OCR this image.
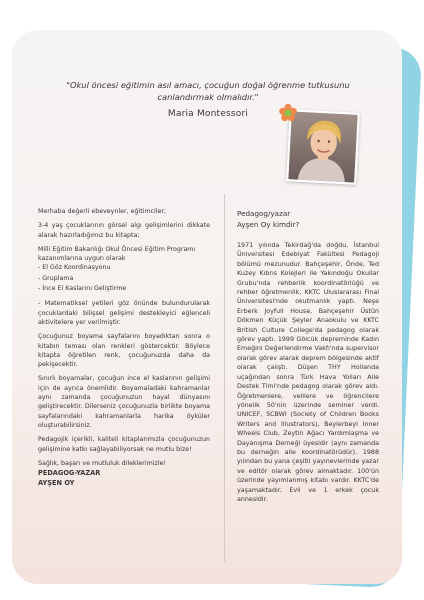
"Okul öncesi eğitimin asıl amacı, çocuğun doğal öğrenme tutkusunu canlandırmak olmalıdır."
Maria Montessori

Merhaba değerli ebeveynler, eğitimciler;

3-4 yaş çocuklarının görsel algı gelişimlerini dikkate alarak hazırladığımız bu kitapta;

Milli Eğitim Bakanlığı Okul Öncesi Eğitim Programı kazanımlarına uygun olarak

- El Göz Koordinasyonu
- Gruplama
- İnce El Kaslarını Geliştirme

- Matematiksel yetileri göz önünde bulundurularak çocuklardaki bilişsel gelişimi destekleyici eğlenceli aktivitelere yer verilmiştir.

Çocuğunuz boyama sayfalarını boyadıktan sonra o kitabın teması olan renkleri göstercektir. Böylece kitapta öğretilen renk, çocuğunuzda daha da pekişecektir.

Sınırlı boyamalar, çocuğun ince el kaslarının gelişimi için de ayrıca önemlidir. Boyamaladaki kahramanlar aynı zamanda çocuğunuzun hayal dünyasını geliştirecektir. Dilerseniz çocuğunuzla birlikte boyama sayfalarındaki kahramanlarla harika öyküler oluşturabilirsiniz.

Pedagojik içerikli, kaliteli kitaplarımızla çocuğunuzun gelişimine katkı sağlayabiliyorsak ne mutlu bize!

Sağlık, başarı ve mutluluk dileklerimizle!

PEDAGOG-YAZAR
AYŞEN OY

Pedagog/yazar

Ayşen Oy kimdir?

1971 yılında Tekirdağ'da doğdu. İstanbul Üniversitesi Edebiyat Fakültesi Pedagoji bölümü mezunudur. Bahçeşehir, Önde, Ted Kuzey Kıbrıs Kolejleri ile Yakındoğu Okullar Grubu'nda rehberlik koordinatörlüğü ve rehber öğretmenlik, KKTC Uluslararası Final Üniversitesi'nde okutmanlık yaptı. Neşe Erberk Joyfull House, Bahçeşehir Üstün Dökmen Küçük Şeyler Anaokulu ve KKTC British Culture College'da pedagog olarak görev yaptı. 1999 Gölcük depreminde Kadın Emeğini Değerlendirme Vakfı'nda supervisor olarak görev alarak deprem bölgesinde aktif olarak çalıştı. Düşen THY Hollanda uçağından sonra Türk Hava Yolları Aile Destek Timi'nde pedagog olarak görev aldı. Öğretmenlere, velilere ve öğrencilere yönelik 50'nin üzerinde seminer verdi. UNICEF, SCBWI (Society of Children Books Writers and Illustrators), Beylerbeyi Inner Wheels Club, Zeytin Ağacı Yardımlaşma ve Dayanışma Derneği üyesidir (aynı zamanda bu derneğin aile koordinatörüdür). 1988 yılından bu yana çeşitli yayınevlerinde yazar ve editör olarak görev almaktadır. 100'ün üzerinde yayımlanmış kitabı vardır. KKTC'de yaşamaktadır. Evli ve 1 erkek çocuk annesidir.
